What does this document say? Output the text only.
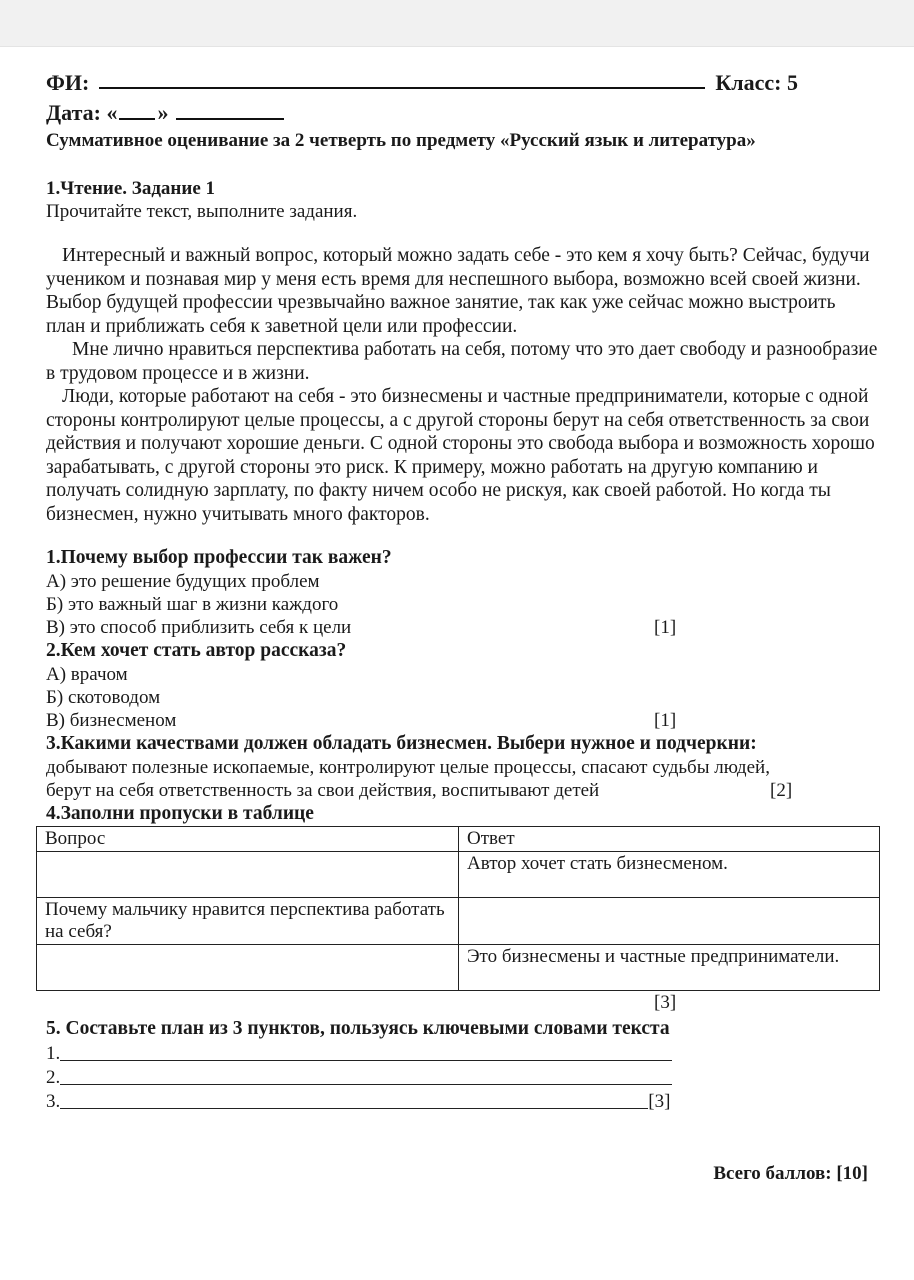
ФИ:	Класс: 5
Дата: « »
Суммативное оценивание за 2 четверть по предмету «Русский язык и литература»
1.Чтение. Задание 1
Прочитайте текст, выполните задания.

Интересный и важный вопрос, который можно задать себе - это кем я хочу быть? Сейчас, будучи учеником и познавая мир у меня есть время для неспешного выбора, возможно всей своей жизни. Выбор будущей профессии чрезвычайно важное занятие, так как уже сейчас можно выстроить план и приближать себя к заветной цели или профессии.

Мне лично нравиться перспектива работать на себя, потому что это дает свободу и разнообразие в трудовом процессе и в жизни.

Люди, которые работают на себя - это бизнесмены и частные предприниматели, которые с одной стороны контролируют целые процессы, а с другой стороны берут на себя ответственность за свои действия и получают хорошие деньги. С одной стороны это свобода выбора и возможность хорошо зарабатывать, с другой стороны это риск. К примеру, можно работать на другую компанию и получать солидную зарплату, по факту ничем особо не рискуя, как своей работой. Но когда ты бизнесмен, нужно учитывать много факторов.

1.Почему выбор профессии так важен?
А) это решение будущих проблем
Б) это важный шаг в жизни каждого
В) это способ приблизить себя к цели	[1]
2.Кем хочет стать автор рассказа?
А) врачом
Б) скотоводом
В) бизнесменом	[1]
3.Какими качествами должен обладать бизнесмен. Выбери нужное и подчеркни:
добывают полезные ископаемые, контролируют целые процессы, спасают судьбы людей,
берут на себя ответственность за свои действия, воспитывают детей	[2]
4.Заполни пропуски в таблице
Вопрос	Ответ
	Автор хочет стать бизнесменом.
Почему мальчику нравится перспектива работать на себя?	
	Это бизнесмены и частные предприниматели.
[3]
5. Составьте план из 3 пунктов, пользуясь ключевыми словами текста
1.
2.
3.	[3]
Всего баллов: [10]
